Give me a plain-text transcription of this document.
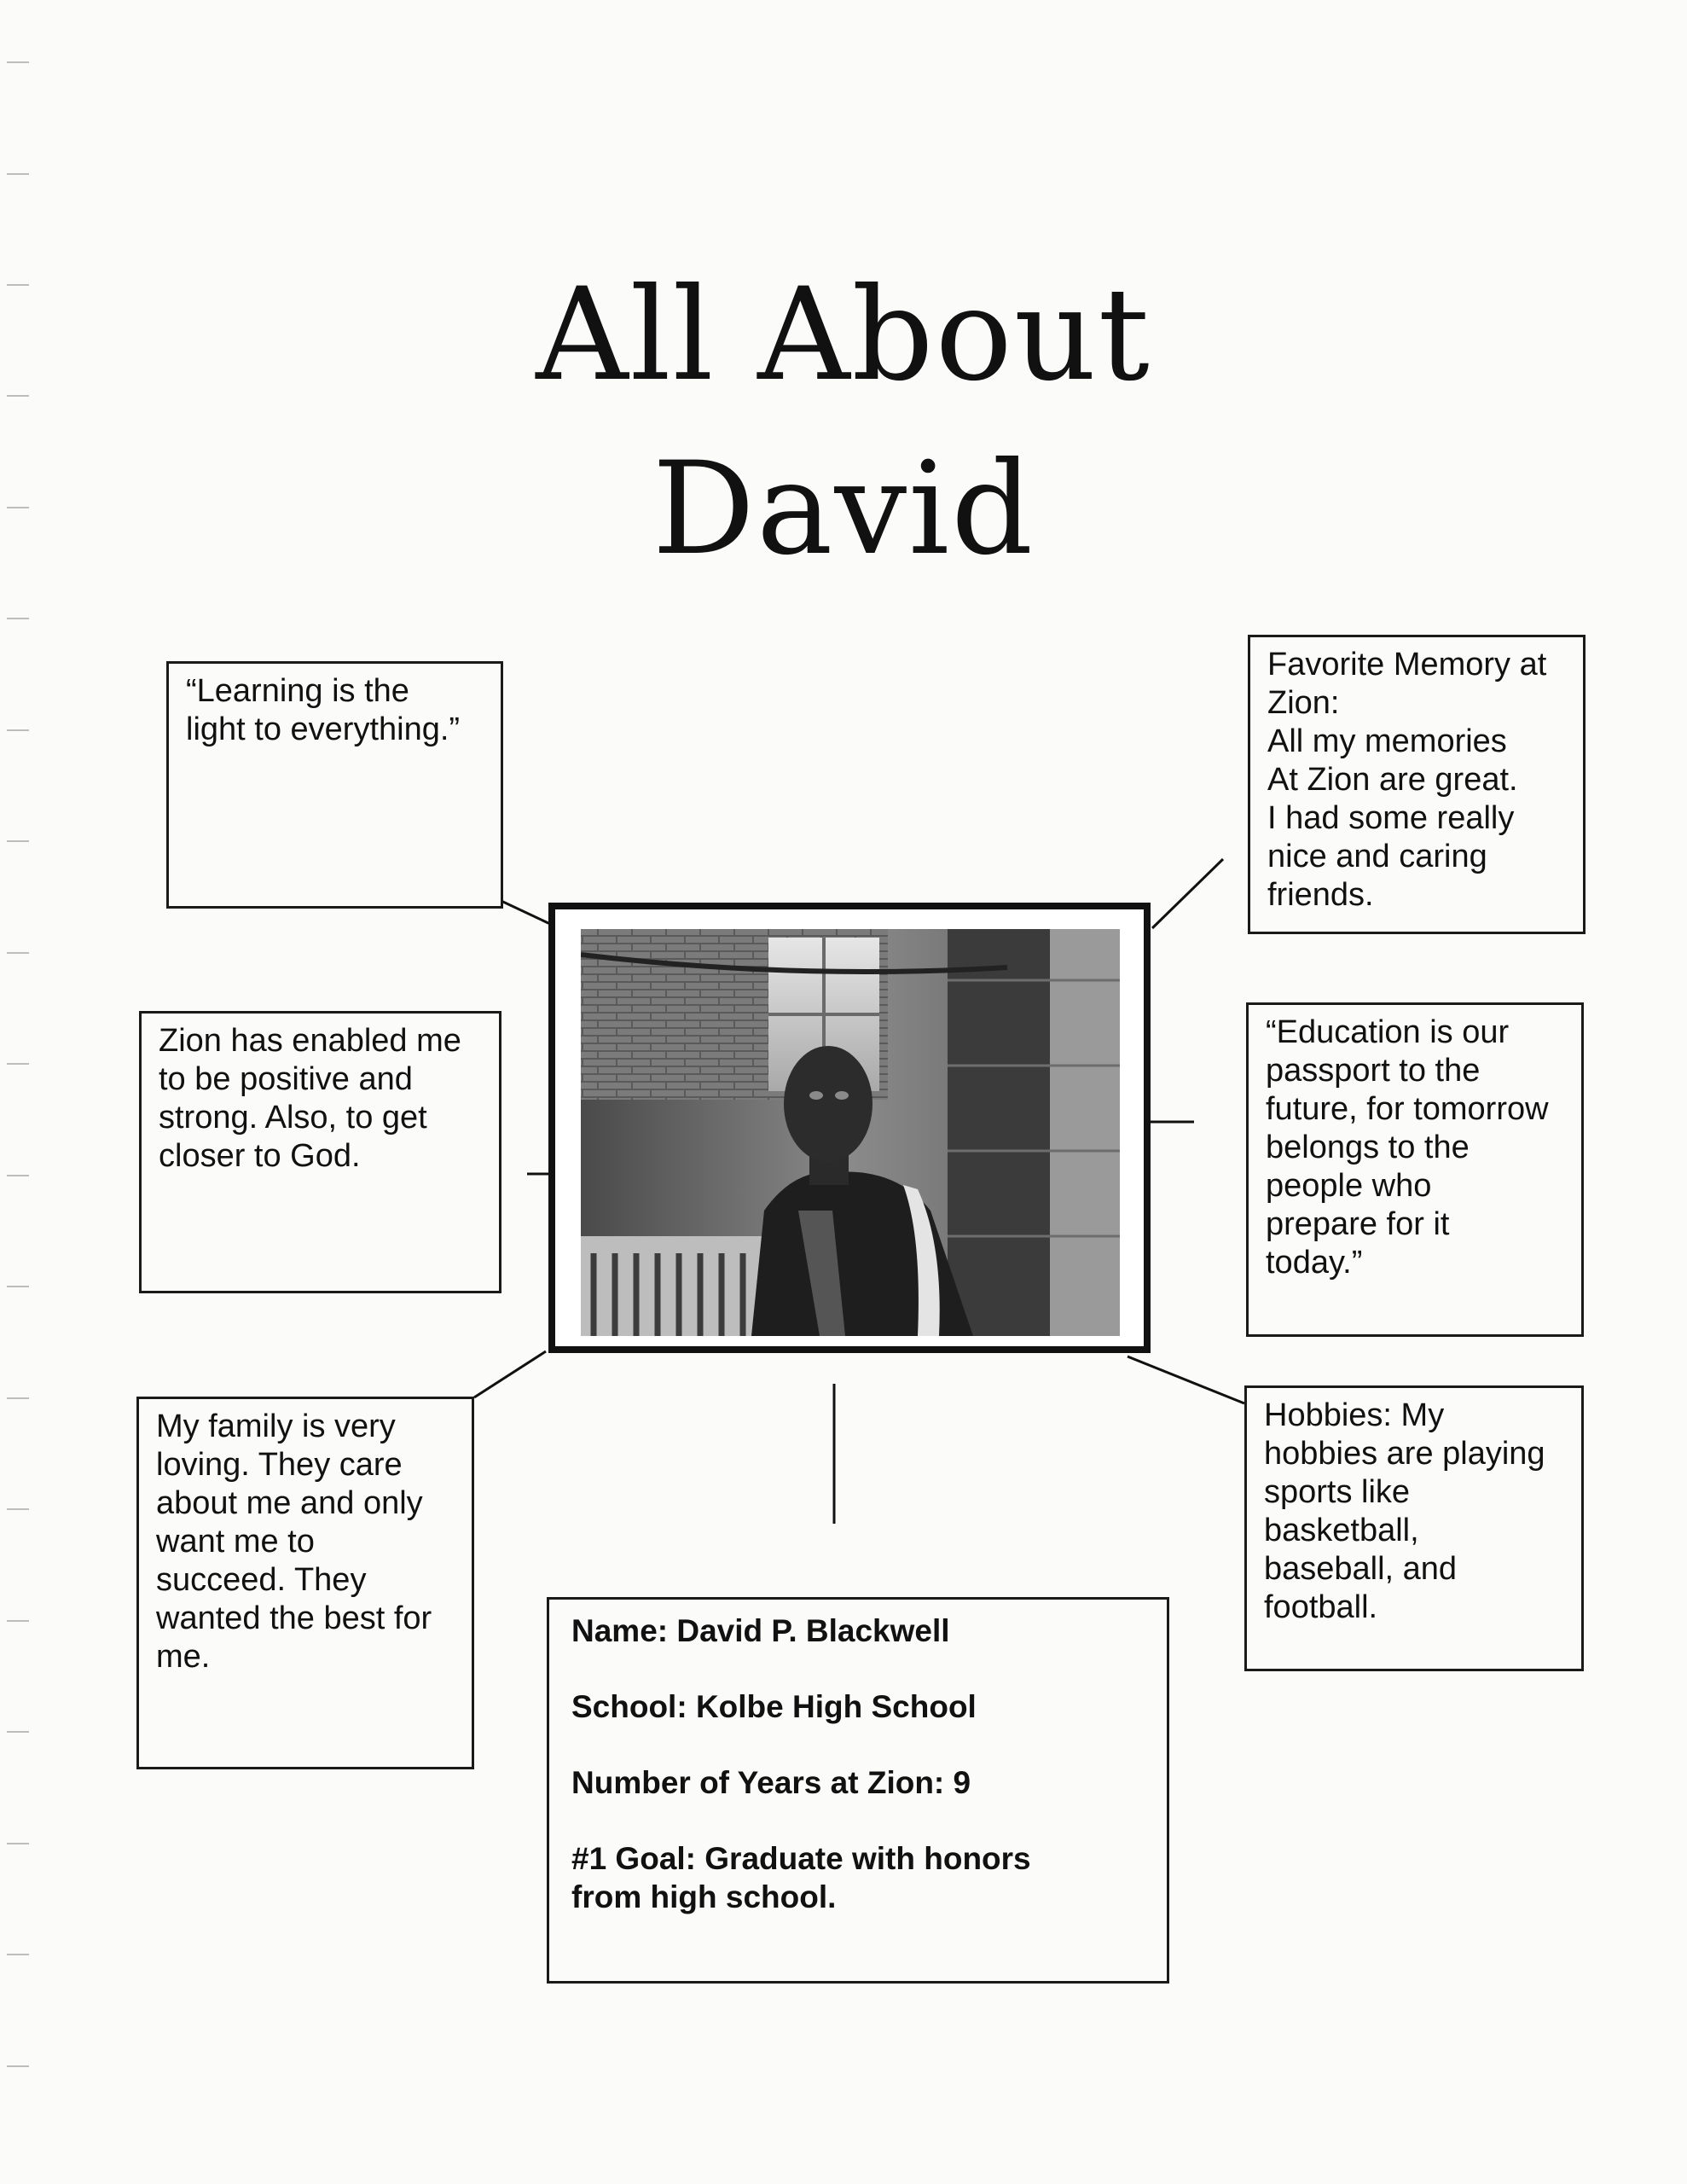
All About
David
“Learning is the
light to everything.”
Favorite Memory at
Zion:
All my memories
At Zion are great.
I had some really
nice and caring
friends.
Zion has enabled me
to be positive and
strong. Also, to get
closer to God.
“Education is our
passport to the
future, for tomorrow
belongs to the
people who
prepare for it
today.”
My family is very
loving. They care
about me and only
want me to
succeed. They
wanted the best for
me.
Hobbies: My
hobbies are playing
sports like
basketball,
baseball, and
football.

Name: David P. Blackwell

School: Kolbe High School

Number of Years at Zion: 9

#1 Goal: Graduate with honors

from high school.
